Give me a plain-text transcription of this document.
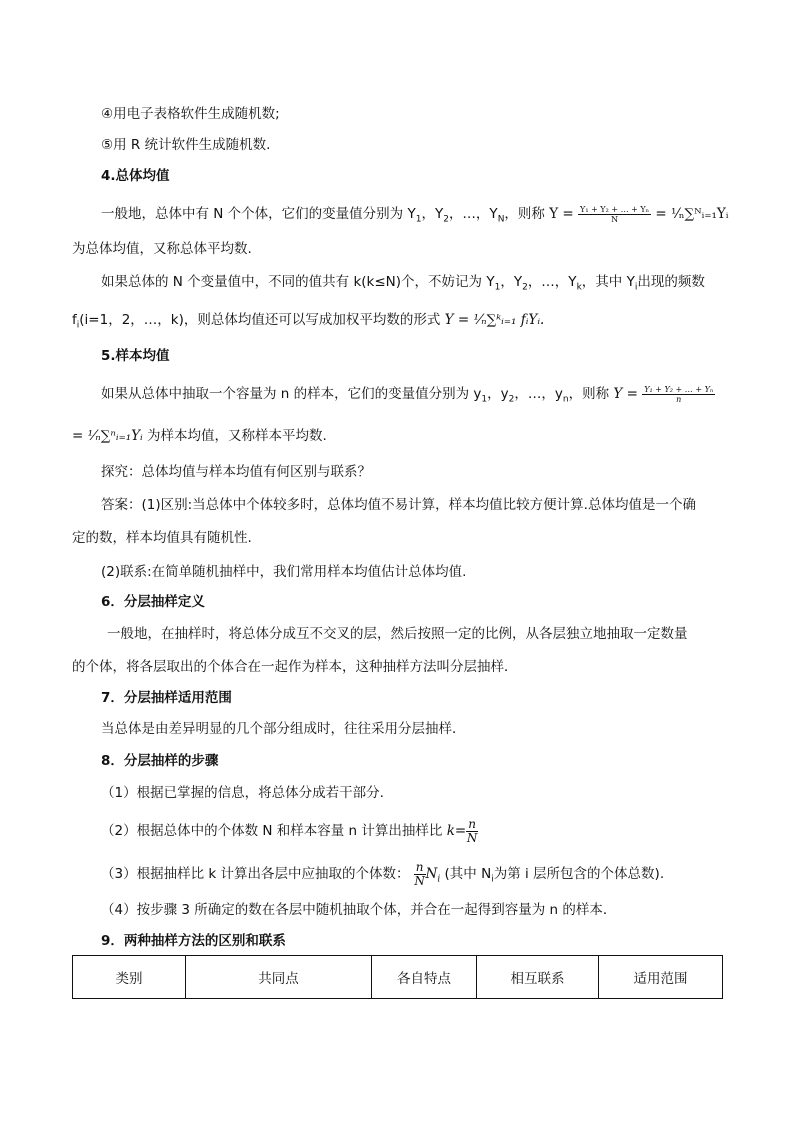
④用电子表格软件生成随机数;
⑤用 R 统计软件生成随机数.
4.总体均值
一般地，总体中有 N 个个体，它们的变量值分别为 $Y_1$，$Y_2$，…，$Y_N$，则称 $Y = \frac{\text{Y₁ + Y₂ + … + Yₙ}}{N}$ = ¹⁄ₙ∑ᴺᵢ₌₁Yᵢ
为总体均值，又称总体平均数.
如果总体的 N 个变量值中，不同的值共有 k(k≤N)个，不妨记为 $Y_1$，$Y_2$，…，$Y_k$，其中 $Y_i$出现的频数
$f_i(i=1$，2，…，k)，则总体均值还可以写成加权平均数的形式 Y = ¹⁄ₙ∑ᵏᵢ₌₁ fᵢYᵢ.
5.样本均值
如果从总体中抽取一个容量为 n 的样本，它们的变量值分别为 $y_1$，$y_2$，…，$y_n$，则称 $Y = \frac{\text{Y₁ + Y₂ + … + Yₙ}}{n}$
= ¹⁄ₙ∑ⁿᵢ₌₁Yᵢ 为样本均值，又称样本平均数.
探究：总体均值与样本均值有何区别与联系？
答案：(1)区别:当总体中个体较多时，总体均值不易计算，样本均值比较方便计算.总体均值是一个确
定的数，样本均值具有随机性.
(2)联系:在简单随机抽样中，我们常用样本均值估计总体均值.
6．分层抽样定义
一般地，在抽样时，将总体分成互不交叉的层，然后按照一定的比例，从各层独立地抽取一定数量
的个体，将各层取出的个体合在一起作为样本，这种抽样方法叫分层抽样．
7．分层抽样适用范围
当总体是由差异明显的几个部分组成时，往往采用分层抽样．
8．分层抽样的步骤
（1）根据已掌握的信息，将总体分成若干部分.
（2）根据总体中的个体数 N 和样本容量 n 计算出抽样比 $k= \frac{n}{N}$
（3）根据抽样比 k 计算出各层中应抽取的个体数： $\frac{n}{N} N_i$ (其中 $N_i$为第 i 层所包含的个体总数).
（4）按步骤 3 所确定的数在各层中随机抽取个体，并合在一起得到容量为 n 的样本．
9．两种抽样方法的区别和联系
类别	共同点	各自特点	相互联系	适用范围
